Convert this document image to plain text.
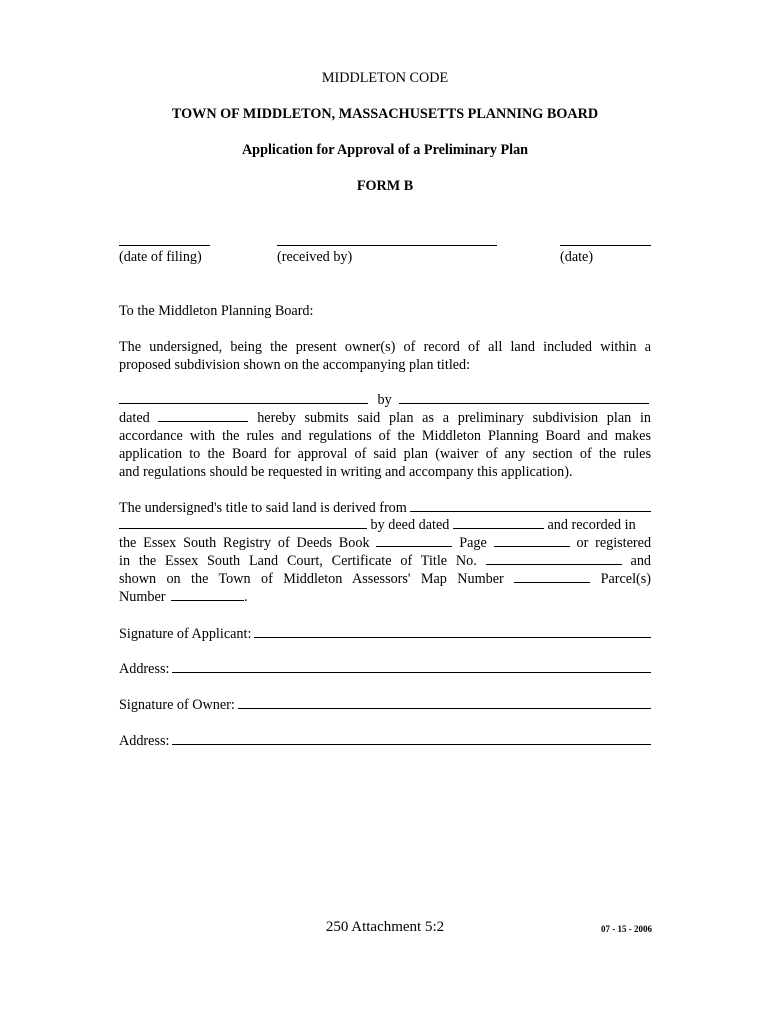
MIDDLETON CODE
TOWN OF MIDDLETON, MASSACHUSETTS PLANNING BOARD
Application for Approval of a Preliminary Plan
FORM B
(date of filing)	(received by)	(date)
To the Middleton Planning Board:
The undersigned, being the present owner(s) of record of all land included within a
proposed subdivision shown on the accompanying plan titled:
by
dated	hereby submits said plan as a preliminary subdivision plan in
accordance with the rules and regulations of the Middleton Planning Board and makes
application to the Board for approval of said plan (waiver of any section of the rules
and regulations should be requested in writing and accompany this application).
The undersigned's title to said land is derived from
by deed dated	and recorded in
the Essex South Registry of Deeds Book	Page	or registered
in the Essex South Land Court, Certificate of Title No.	and
shown on the Town of Middleton Assessors' Map Number	Parcel(s)
Number	.
Signature of Applicant:
Address:
Signature of Owner:
Address:
250 Attachment 5:2	07 - 15 - 2006
